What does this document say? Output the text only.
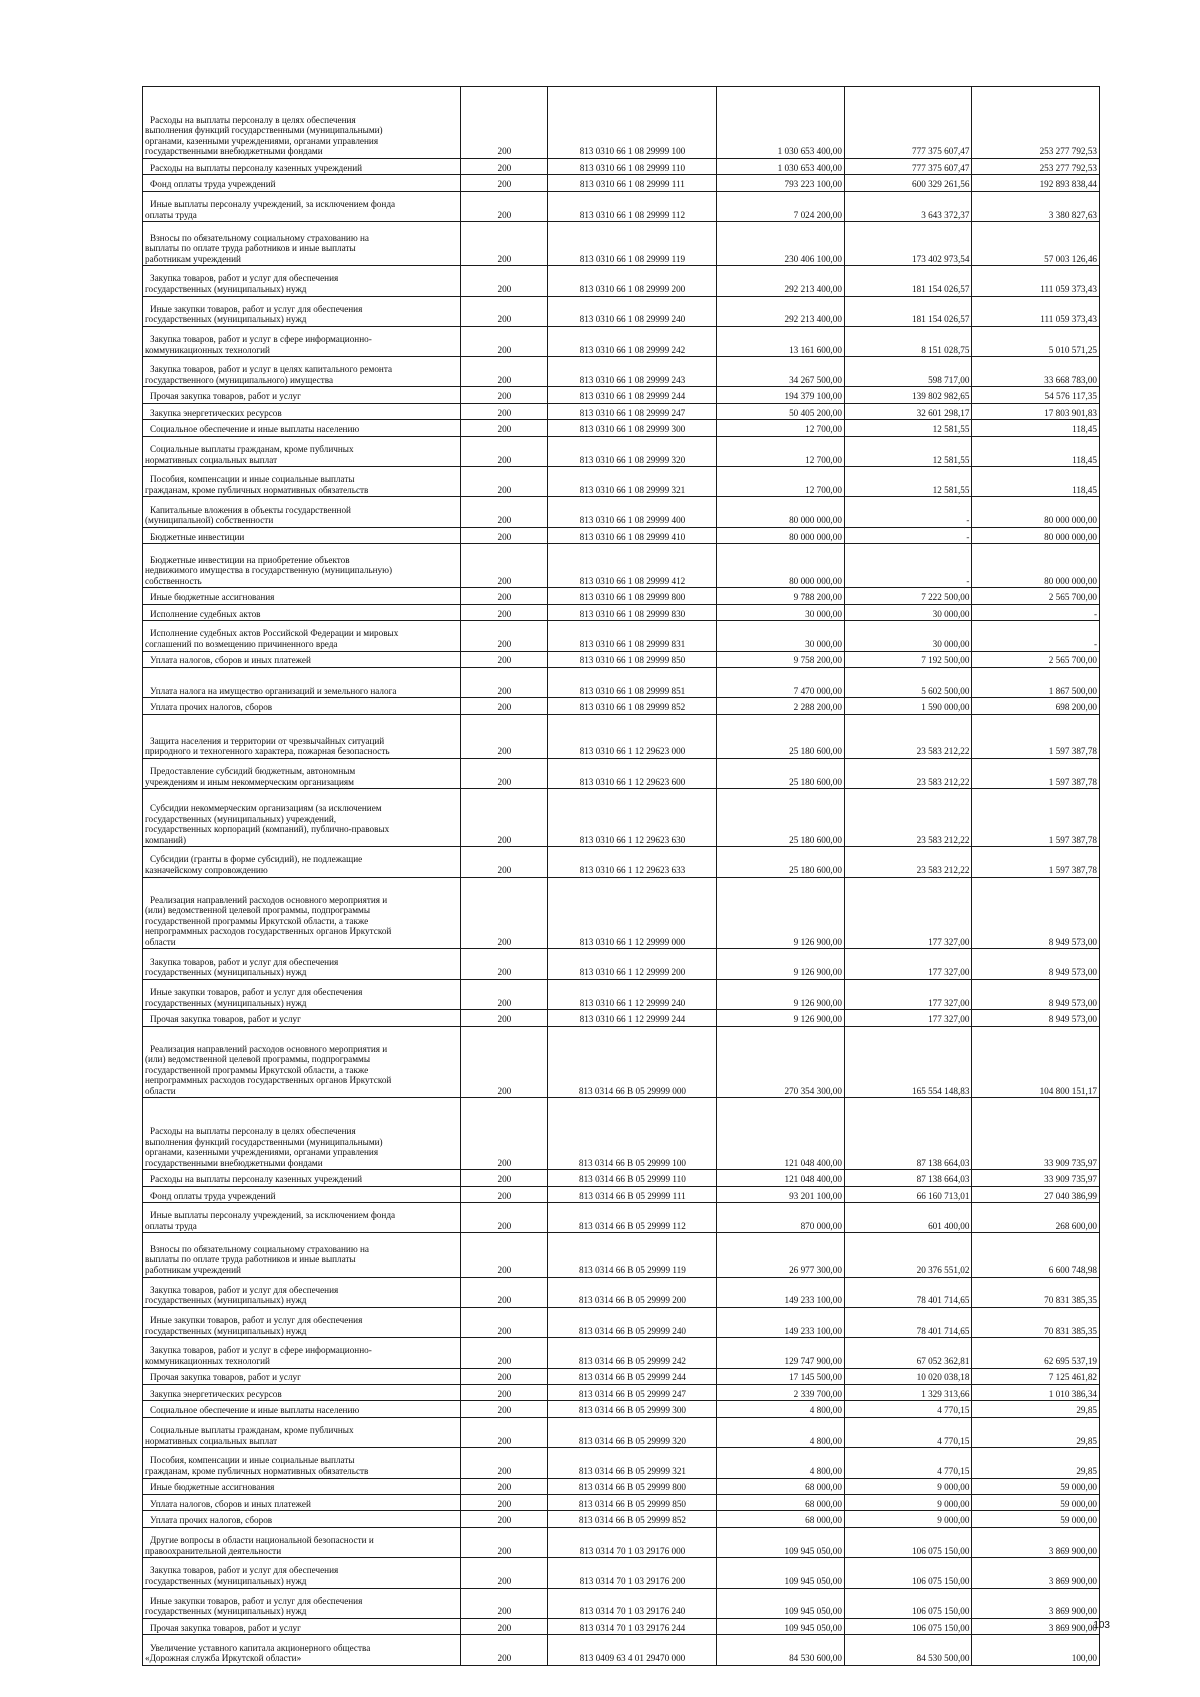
Расходы на выплаты персоналу в целях обеспечения
выполнения функций государственными (муниципальными)
органами, казенными учреждениями, органами управления
государственными внебюджетными фондами	200	813 0310 66 1 08 29999 100	1 030 653 400,00	777 375 607,47	253 277 792,53

Расходы на выплаты персоналу казенных учреждений	200	813 0310 66 1 08 29999 110	1 030 653 400,00	777 375 607,47	253 277 792,53

Фонд оплаты труда учреждений	200	813 0310 66 1 08 29999 111	793 223 100,00	600 329 261,56	192 893 838,44

Иные выплаты персоналу учреждений, за исключением фонда
оплаты труда	200	813 0310 66 1 08 29999 112	7 024 200,00	3 643 372,37	3 380 827,63

Взносы по обязательному социальному страхованию на
выплаты по оплате труда работников и иные выплаты
работникам учреждений	200	813 0310 66 1 08 29999 119	230 406 100,00	173 402 973,54	57 003 126,46

Закупка товаров, работ и услуг для обеспечения
государственных (муниципальных) нужд	200	813 0310 66 1 08 29999 200	292 213 400,00	181 154 026,57	111 059 373,43

Иные закупки товаров, работ и услуг для обеспечения
государственных (муниципальных) нужд	200	813 0310 66 1 08 29999 240	292 213 400,00	181 154 026,57	111 059 373,43

Закупка товаров, работ и услуг в сфере информационно-
коммуникационных технологий	200	813 0310 66 1 08 29999 242	13 161 600,00	8 151 028,75	5 010 571,25

Закупка товаров, работ и услуг в целях капитального ремонта
государственного (муниципального) имущества	200	813 0310 66 1 08 29999 243	34 267 500,00	598 717,00	33 668 783,00

Прочая закупка товаров, работ и услуг	200	813 0310 66 1 08 29999 244	194 379 100,00	139 802 982,65	54 576 117,35

Закупка энергетических ресурсов	200	813 0310 66 1 08 29999 247	50 405 200,00	32 601 298,17	17 803 901,83

Социальное обеспечение и иные выплаты населению	200	813 0310 66 1 08 29999 300	12 700,00	12 581,55	118,45

Социальные выплаты гражданам, кроме публичных
нормативных социальных выплат	200	813 0310 66 1 08 29999 320	12 700,00	12 581,55	118,45

Пособия, компенсации и иные социальные выплаты
гражданам, кроме публичных нормативных обязательств	200	813 0310 66 1 08 29999 321	12 700,00	12 581,55	118,45

Капитальные вложения в объекты государственной
(муниципальной) собственности	200	813 0310 66 1 08 29999 400	80 000 000,00	-	80 000 000,00

Бюджетные инвестиции	200	813 0310 66 1 08 29999 410	80 000 000,00	-	80 000 000,00

Бюджетные инвестиции на приобретение объектов
недвижимого имущества в государственную (муниципальную)
собственность	200	813 0310 66 1 08 29999 412	80 000 000,00	-	80 000 000,00

Иные бюджетные ассигнования	200	813 0310 66 1 08 29999 800	9 788 200,00	7 222 500,00	2 565 700,00

Исполнение судебных актов	200	813 0310 66 1 08 29999 830	30 000,00	30 000,00	-

Исполнение судебных актов Российской Федерации и мировых
соглашений по возмещению причиненного вреда	200	813 0310 66 1 08 29999 831	30 000,00	30 000,00	-

Уплата налогов, сборов и иных платежей	200	813 0310 66 1 08 29999 850	9 758 200,00	7 192 500,00	2 565 700,00

Уплата налога на имущество организаций и земельного налога	200	813 0310 66 1 08 29999 851	7 470 000,00	5 602 500,00	1 867 500,00

Уплата прочих налогов, сборов	200	813 0310 66 1 08 29999 852	2 288 200,00	1 590 000,00	698 200,00

Защита населения и территории от чрезвычайных ситуаций
природного и техногенного характера, пожарная безопасность	200	813 0310 66 1 12 29623 000	25 180 600,00	23 583 212,22	1 597 387,78

Предоставление субсидий бюджетным, автономным
учреждениям и иным некоммерческим организациям	200	813 0310 66 1 12 29623 600	25 180 600,00	23 583 212,22	1 597 387,78

Субсидии некоммерческим организациям (за исключением
государственных (муниципальных) учреждений,
государственных корпораций (компаний), публично-правовых
компаний)	200	813 0310 66 1 12 29623 630	25 180 600,00	23 583 212,22	1 597 387,78

Субсидии (гранты в форме субсидий), не подлежащие
казначейскому сопровождению	200	813 0310 66 1 12 29623 633	25 180 600,00	23 583 212,22	1 597 387,78

Реализация направлений расходов основного мероприятия и
(или) ведомственной целевой программы, подпрограммы
государственной программы Иркутской области, а также
непрограммных расходов государственных органов Иркутской
области	200	813 0310 66 1 12 29999 000	9 126 900,00	177 327,00	8 949 573,00

Закупка товаров, работ и услуг для обеспечения
государственных (муниципальных) нужд	200	813 0310 66 1 12 29999 200	9 126 900,00	177 327,00	8 949 573,00

Иные закупки товаров, работ и услуг для обеспечения
государственных (муниципальных) нужд	200	813 0310 66 1 12 29999 240	9 126 900,00	177 327,00	8 949 573,00

Прочая закупка товаров, работ и услуг	200	813 0310 66 1 12 29999 244	9 126 900,00	177 327,00	8 949 573,00

Реализация направлений расходов основного мероприятия и
(или) ведомственной целевой программы, подпрограммы
государственной программы Иркутской области, а также
непрограммных расходов государственных органов Иркутской
области	200	813 0314 66 В 05 29999 000	270 354 300,00	165 554 148,83	104 800 151,17

Расходы на выплаты персоналу в целях обеспечения
выполнения функций государственными (муниципальными)
органами, казенными учреждениями, органами управления
государственными внебюджетными фондами	200	813 0314 66 В 05 29999 100	121 048 400,00	87 138 664,03	33 909 735,97

Расходы на выплаты персоналу казенных учреждений	200	813 0314 66 В 05 29999 110	121 048 400,00	87 138 664,03	33 909 735,97

Фонд оплаты труда учреждений	200	813 0314 66 В 05 29999 111	93 201 100,00	66 160 713,01	27 040 386,99

Иные выплаты персоналу учреждений, за исключением фонда
оплаты труда	200	813 0314 66 В 05 29999 112	870 000,00	601 400,00	268 600,00

Взносы по обязательному социальному страхованию на
выплаты по оплате труда работников и иные выплаты
работникам учреждений	200	813 0314 66 В 05 29999 119	26 977 300,00	20 376 551,02	6 600 748,98

Закупка товаров, работ и услуг для обеспечения
государственных (муниципальных) нужд	200	813 0314 66 В 05 29999 200	149 233 100,00	78 401 714,65	70 831 385,35

Иные закупки товаров, работ и услуг для обеспечения
государственных (муниципальных) нужд	200	813 0314 66 В 05 29999 240	149 233 100,00	78 401 714,65	70 831 385,35

Закупка товаров, работ и услуг в сфере информационно-
коммуникационных технологий	200	813 0314 66 В 05 29999 242	129 747 900,00	67 052 362,81	62 695 537,19

Прочая закупка товаров, работ и услуг	200	813 0314 66 В 05 29999 244	17 145 500,00	10 020 038,18	7 125 461,82

Закупка энергетических ресурсов	200	813 0314 66 В 05 29999 247	2 339 700,00	1 329 313,66	1 010 386,34

Социальное обеспечение и иные выплаты населению	200	813 0314 66 В 05 29999 300	4 800,00	4 770,15	29,85

Социальные выплаты гражданам, кроме публичных
нормативных социальных выплат	200	813 0314 66 В 05 29999 320	4 800,00	4 770,15	29,85

Пособия, компенсации и иные социальные выплаты
гражданам, кроме публичных нормативных обязательств	200	813 0314 66 В 05 29999 321	4 800,00	4 770,15	29,85

Иные бюджетные ассигнования	200	813 0314 66 В 05 29999 800	68 000,00	9 000,00	59 000,00

Уплата налогов, сборов и иных платежей	200	813 0314 66 В 05 29999 850	68 000,00	9 000,00	59 000,00

Уплата прочих налогов, сборов	200	813 0314 66 В 05 29999 852	68 000,00	9 000,00	59 000,00

Другие вопросы в области национальной безопасности и
правоохранительной деятельности	200	813 0314 70 1 03 29176 000	109 945 050,00	106 075 150,00	3 869 900,00

Закупка товаров, работ и услуг для обеспечения
государственных (муниципальных) нужд	200	813 0314 70 1 03 29176 200	109 945 050,00	106 075 150,00	3 869 900,00

Иные закупки товаров, работ и услуг для обеспечения
государственных (муниципальных) нужд	200	813 0314 70 1 03 29176 240	109 945 050,00	106 075 150,00	3 869 900,00

Прочая закупка товаров, работ и услуг	200	813 0314 70 1 03 29176 244	109 945 050,00	106 075 150,00	3 869 900,00

Увеличение уставного капитала акционерного общества
«Дорожная служба Иркутской области»	200	813 0409 63 4 01 29470 000	84 530 600,00	84 530 500,00	100,00
103
